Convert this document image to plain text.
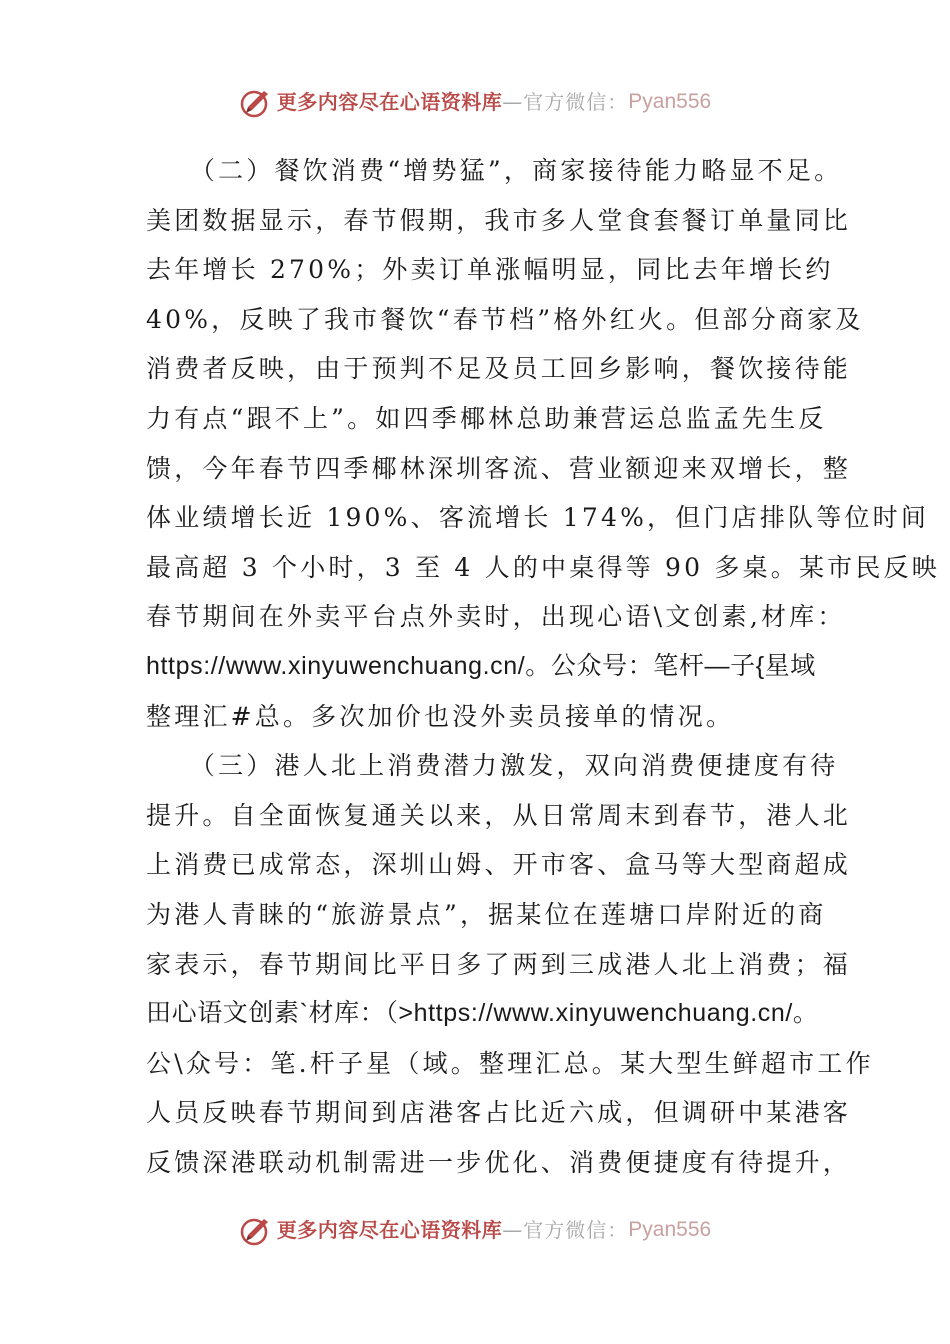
更多内容尽在心语资料库 —官方微信： Pyan556
　　（二）餐饮消费“增势猛”，商家接待能力略显不足。
美团数据显示，春节假期，我市多人堂食套餐订单量同比
去年增长 270%；外卖订单涨幅明显，同比去年增长约
40%，反映了我市餐饮“春节档”格外红火。但部分商家及
消费者反映，由于预判不足及员工回乡影响，餐饮接待能
力有点“跟不上”。如四季椰林总助兼营运总监孟先生反
馈，今年春节四季椰林深圳客流、营业额迎来双增长，整
体业绩增长近 190%、客流增长 174%，但门店排队等位时间
最高超 3 个小时，3 至 4 人的中桌得等 90 多桌。某市民反映
春节期间在外卖平台点外卖时，出现心语\文创素,材库：
https://www.xinyuwenchuang.cn/。公众号：笔杆—子{星域
整理汇#总。多次加价也没外卖员接单的情况。
　　（三）港人北上消费潜力激发，双向消费便捷度有待
提升。自全面恢复通关以来，从日常周末到春节，港人北
上消费已成常态，深圳山姆、开市客、盒马等大型商超成
为港人青睐的“旅游景点”，据某位在莲塘口岸附近的商
家表示，春节期间比平日多了两到三成港人北上消费；福
田心语文创素`材库：（>https://www.xinyuwenchuang.cn/。
公\众号：笔.杆子星（域。整理汇总。某大型生鲜超市工作
人员反映春节期间到店港客占比近六成，但调研中某港客
反馈深港联动机制需进一步优化、消费便捷度有待提升，
更多内容尽在心语资料库 —官方微信： Pyan556
